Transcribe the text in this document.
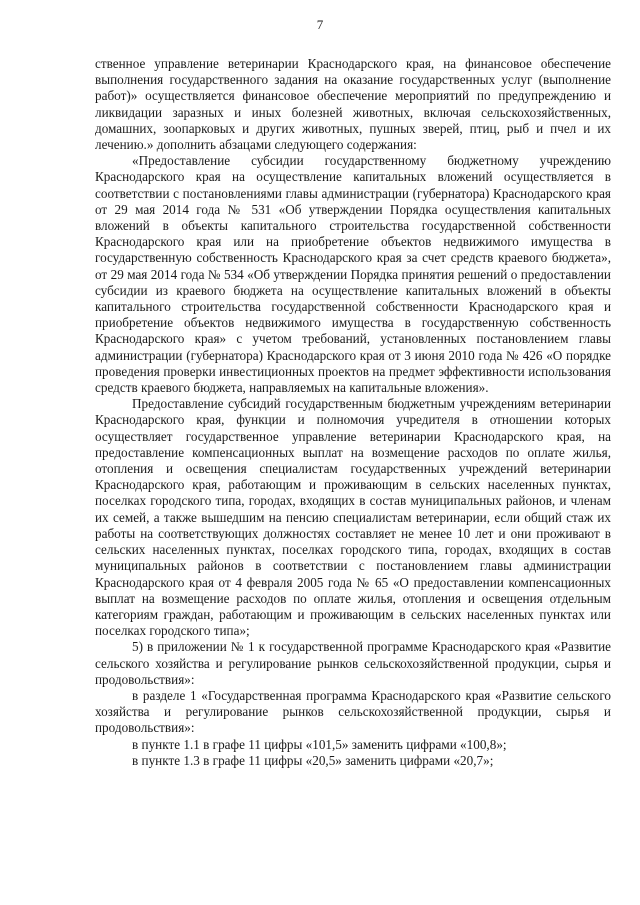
7

ственное управление ветеринарии Краснодарского края, на финансовое обеспечение выполнения государственного задания на оказание государственных услуг (выполнение работ)» осуществляется финансовое обеспечение мероприятий по предупреждению и ликвидации заразных и иных болезней животных, включая сельскохозяйственных, домашних, зоопарковых и других животных, пушных зверей, птиц, рыб и пчел и их лечению.» дополнить абзацами следующего содержания:

«Предоставление субсидии государственному бюджетному учреждению Краснодарского края на осуществление капитальных вложений осуществляется в соответствии с постановлениями главы администрации (губернатора) Краснодарского края от 29 мая 2014 года № 531 «Об утверждении Порядка осуществления капитальных вложений в объекты капитального строительства государственной собственности Краснодарского края или на приобретение объектов недвижимого имущества в государственную собственность Краснодарского края за счет средств краевого бюджета», от 29 мая 2014 года № 534 «Об утверждении Порядка принятия решений о предоставлении субсидии из краевого бюджета на осуществление капитальных вложений в объекты капитального строительства государственной собственности Краснодарского края и приобретение объектов недвижимого имущества в государственную собственность Краснодарского края» с учетом требований, установленных постановлением главы администрации (губернатора) Краснодарского края от 3 июня 2010 года № 426 «О порядке проведения проверки инвестиционных проектов на предмет эффективности использования средств краевого бюджета, направляемых на капитальные вложения».

Предоставление субсидий государственным бюджетным учреждениям ветеринарии Краснодарского края, функции и полномочия учредителя в отношении которых осуществляет государственное управление ветеринарии Краснодарского края, на предоставление компенсационных выплат на возмещение расходов по оплате жилья, отопления и освещения специалистам государственных учреждений ветеринарии Краснодарского края, работающим и проживающим в сельских населенных пунктах, поселках городского типа, городах, входящих в состав муниципальных районов, и членам их семей, а также вышедшим на пенсию специалистам ветеринарии, если общий стаж их работы на соответствующих должностях составляет не менее 10 лет и они проживают в сельских населенных пунктах, поселках городского типа, городах, входящих в состав муниципальных районов в соответствии с постановлением главы администрации Краснодарского края от 4 февраля 2005 года № 65 «О предоставлении компенсационных выплат на возмещение расходов по оплате жилья, отопления и освещения отдельным категориям граждан, работающим и проживающим в сельских населенных пунктах или поселках городского типа»;

5) в приложении № 1 к государственной программе Краснодарского края «Развитие сельского хозяйства и регулирование рынков сельскохозяйственной продукции, сырья и продовольствия»:

в разделе 1 «Государственная программа Краснодарского края «Развитие сельского хозяйства и регулирование рынков сельскохозяйственной продукции, сырья и продовольствия»:

в пункте 1.1 в графе 11 цифры «101,5» заменить цифрами «100,8»;

в пункте 1.3 в графе 11 цифры «20,5» заменить цифрами «20,7»;
